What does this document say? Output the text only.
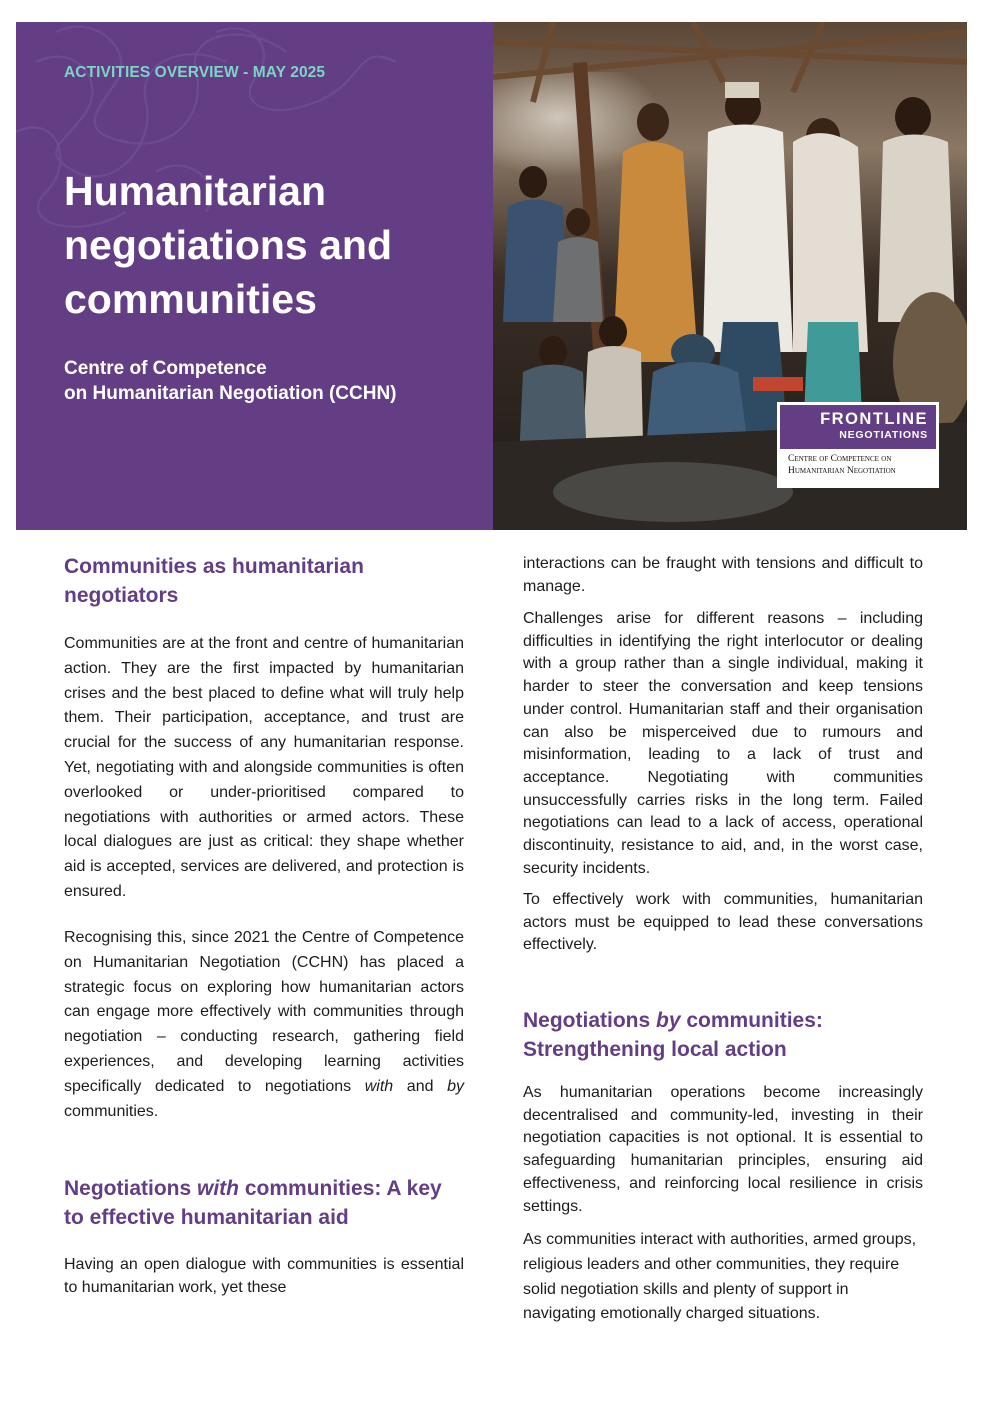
ACTIVITIES OVERVIEW - MAY 2025
Humanitarian negotiations and communities

Centre of Competence
on Humanitarian Negotiation (CCHN)

FRONTLINE
NEGOTIATIONS
Centre of Competence on
Humanitarian Negotiation
Communities as humanitarian negotiators

Communities are at the front and centre of humanitarian action. They are the first impacted by humanitarian crises and the best placed to define what will truly help them. Their participation, acceptance, and trust are crucial for the success of any humanitarian response. Yet, negotiating with and alongside communities is often overlooked or under-prioritised compared to negotiations with authorities or armed actors. These local dialogues are just as critical: they shape whether aid is accepted, services are delivered, and protection is ensured.

Recognising this, since 2021 the Centre of Competence on Humanitarian Negotiation (CCHN) has placed a strategic focus on exploring how humanitarian actors can engage more effectively with communities through negotiation – conducting research, gathering field experiences, and developing learning activities specifically dedicated to negotiations with and by communities.

Negotiations with communities: A key to effective humanitarian aid

Having an open dialogue with communities is essential to humanitarian work, yet these

interactions can be fraught with tensions and difficult to manage.

Challenges arise for different reasons – including difficulties in identifying the right interlocutor or dealing with a group rather than a single individual, making it harder to steer the conversation and keep tensions under control. Humanitarian staff and their organisation can also be misperceived due to rumours and misinformation, leading to a lack of trust and acceptance. Negotiating with communities unsuccessfully carries risks in the long term. Failed negotiations can lead to a lack of access, operational discontinuity, resistance to aid, and, in the worst case, security incidents.

To effectively work with communities, humanitarian actors must be equipped to lead these conversations effectively.

Negotiations by communities:
Strengthening local action

As humanitarian operations become increasingly decentralised and community-led, investing in their negotiation capacities is not optional. It is essential to safeguarding humanitarian principles, ensuring aid effectiveness, and reinforcing local resilience in crisis settings.

As communities interact with authorities, armed groups, religious leaders and other communities, they require solid negotiation skills and plenty of support in navigating emotionally charged situations.
